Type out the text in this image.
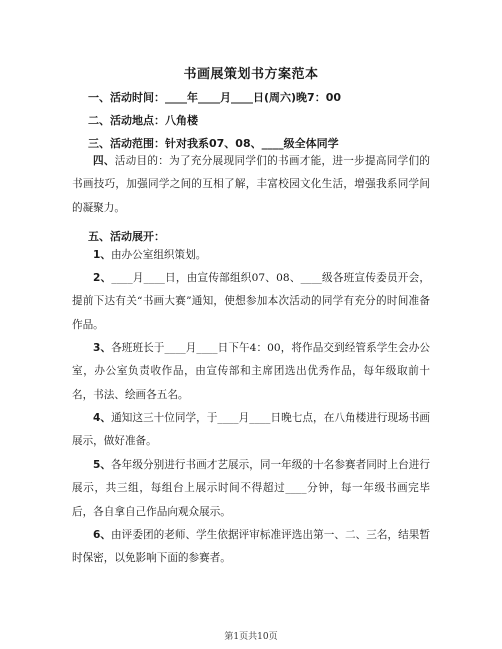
书画展策划书方案范本
一、活动时间：____年____月____日(周六)晚7：00
二、活动地点：八角楼
三、活动范围：针对我系07、08、____级全体同学
四、活动目的：为了充分展现同学们的书画才能，进一步提高同学们的书画技巧，加强同学之间的互相了解，丰富校园文化生活，增强我系同学间的凝聚力。
五、活动展开：
1、由办公室组织策划。
2、____月____日，由宣传部组织07、08、____级各班宣传委员开会，提前下达有关“书画大赛”通知，使想参加本次活动的同学有充分的时间准备作品。
3、各班班长于____月____日下午4：00，将作品交到经管系学生会办公室，办公室负责收作品，由宣传部和主席团选出优秀作品，每年级取前十名，书法、绘画各五名。
4、通知这三十位同学，于____月____日晚七点，在八角楼进行现场书画展示，做好准备。
5、各年级分别进行书画才艺展示，同一年级的十名参赛者同时上台进行展示，共三组，每组台上展示时间不得超过____分钟，每一年级书画完毕后，各自拿自己作品向观众展示。
6、由评委团的老师、学生依据评审标准评选出第一、二、三名，结果暂时保密，以免影响下面的参赛者。
第1页共10页
